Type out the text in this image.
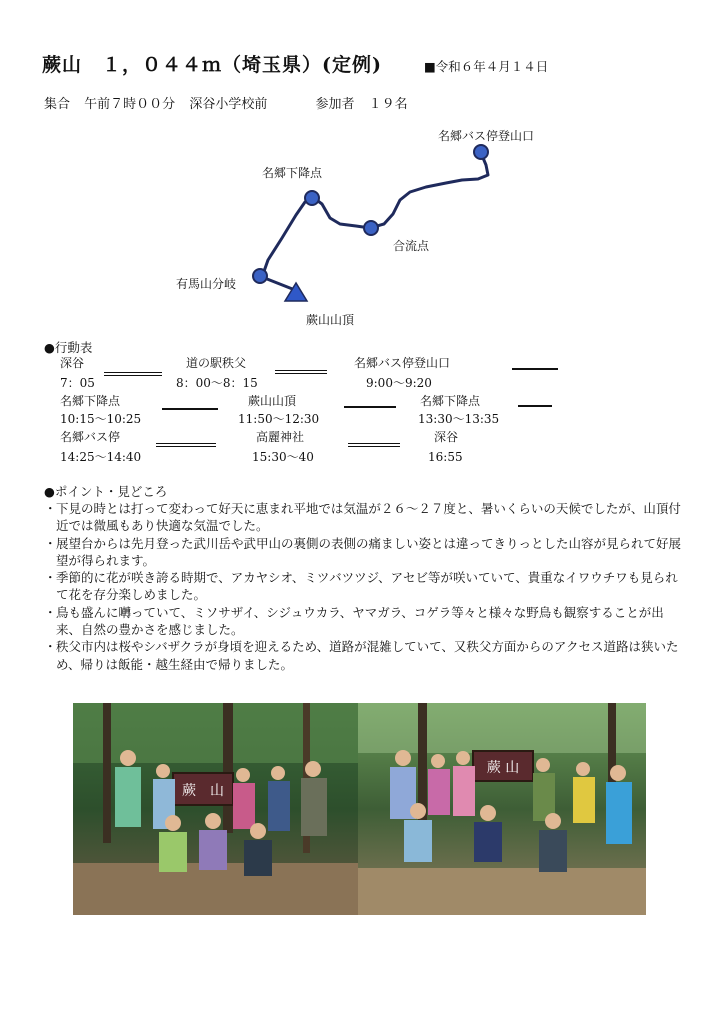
蕨山　１，０４４ｍ（埼玉県）(定例)	■令和６年４月１４日
集合 午前７時００分 深谷小学校前	参加者 １９名
名郷バス停登山口
名郷下降点
合流点
有馬山分岐
蕨山山頂
●行動表
深谷
7：05
道の駅秩父
8：00〜8：15
名郷バス停登山口
9:00〜9:20
名郷下降点
10:15〜10:25
蕨山山頂
11:50〜12:30
名郷下降点
13:30〜13:35
名郷バス停
14:25〜14:40
高麗神社
15:30〜40
深谷
16:55
●ポイント・見どころ

・ 下見の時とは打って変わって好天に恵まれ平地では気温が２６〜２７度と、暑いくらいの天候でしたが、山頂付近では微風もあり快適な気温でした。

・ 展望台からは先月登った武川岳や武甲山の裏側の表側の痛ましい姿とは違ってきりっとした山容が見られて好展望が得られます。

・ 季節的に花が咲き誇る時期で、アカヤシオ、ミツバツツジ、アセビ等が咲いていて、貴重なイワウチワも見られて花を存分楽しめました。

・ 鳥も盛んに囀っていて、ミソサザイ、シジュウカラ、ヤマガラ、コゲラ等々と様々な野鳥も観察することが出来、自然の豊かさを感じました。

・ 秩父市内は桜やシバザクラが身頃を迎えるため、道路が混雑していて、又秩父方面からのアクセス道路は狭いため、帰りは飯能・越生経由で帰りました。

蕨　山
蕨 山
